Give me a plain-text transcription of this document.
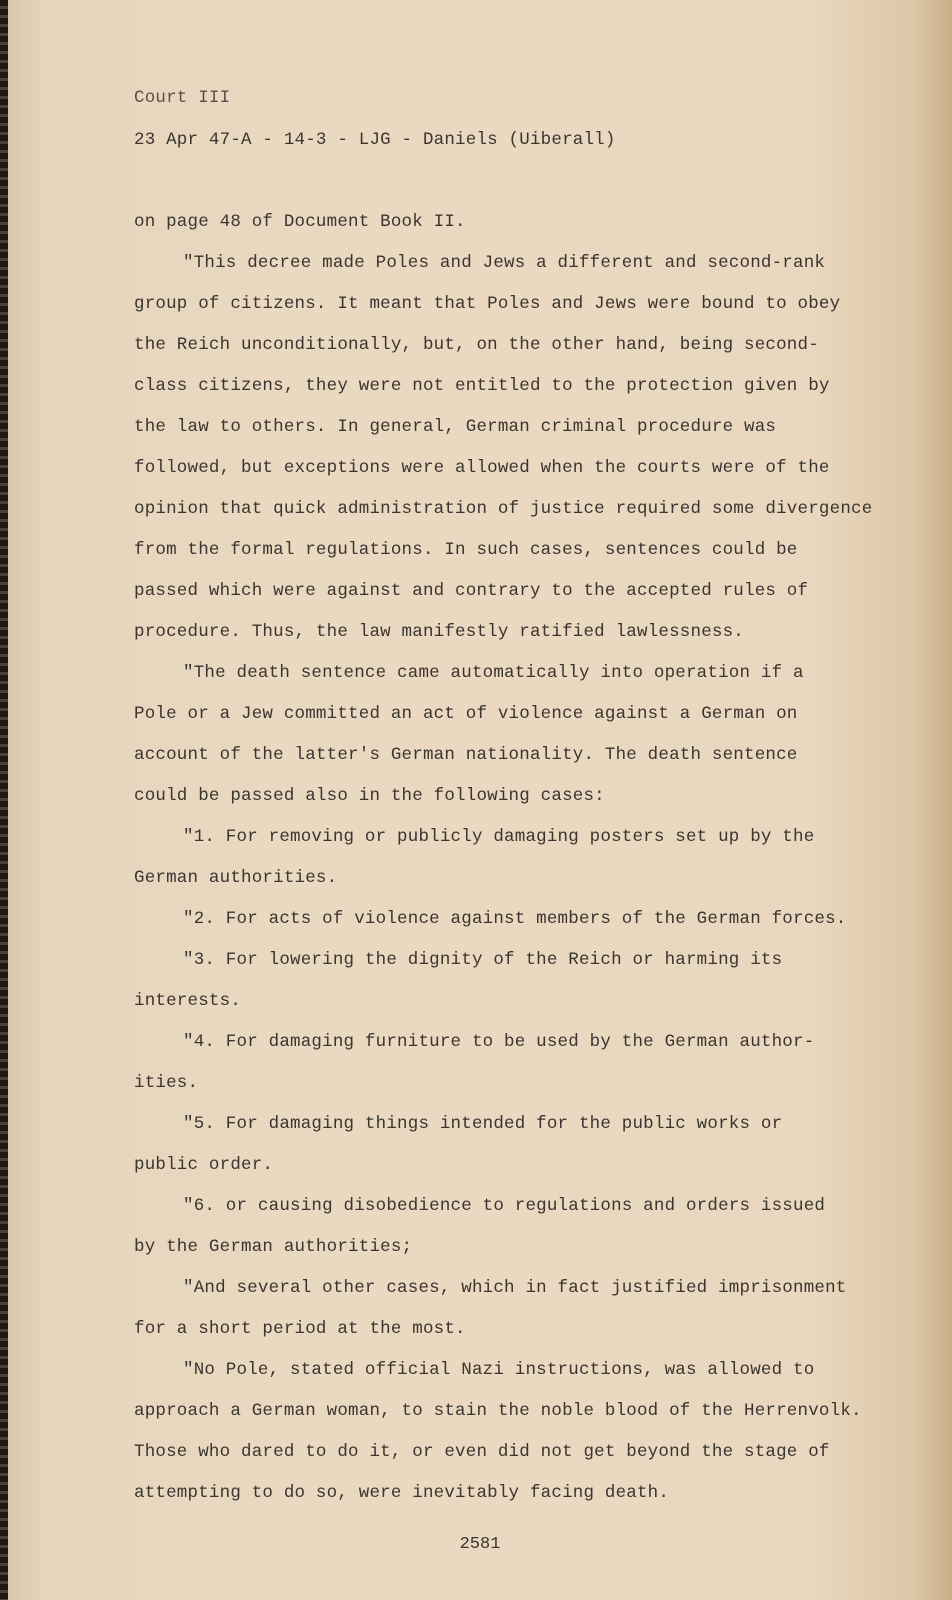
Court III
23 Apr 47-A - 14-3 - LJG - Daniels (Uiberall)
on page 48 of Document Book II.
"This decree made Poles and Jews a different and second-rank
group of citizens. It meant that Poles and Jews were bound to obey
the Reich unconditionally, but, on the other hand, being second-
class citizens, they were not entitled to the protection given by
the law to others. In general, German criminal procedure was
followed, but exceptions were allowed when the courts were of the
opinion that quick administration of justice required some divergence
from the formal regulations. In such cases, sentences could be
passed which were against and contrary to the accepted rules of
procedure. Thus, the law manifestly ratified lawlessness.
"The death sentence came automatically into operation if a
Pole or a Jew committed an act of violence against a German on
account of the latter's German nationality. The death sentence
could be passed also in the following cases:
"1. For removing or publicly damaging posters set up by the
German authorities.
"2. For acts of violence against members of the German forces.
"3. For lowering the dignity of the Reich or harming its
interests.
"4. For damaging furniture to be used by the German author-
ities.
"5. For damaging things intended for the public works or
public order.
"6. or causing disobedience to regulations and orders issued
by the German authorities;
"And several other cases, which in fact justified imprisonment
for a short period at the most.
"No Pole, stated official Nazi instructions, was allowed to
approach a German woman, to stain the noble blood of the Herrenvolk.
Those who dared to do it, or even did not get beyond the stage of
attempting to do so, were inevitably facing death.
2581
